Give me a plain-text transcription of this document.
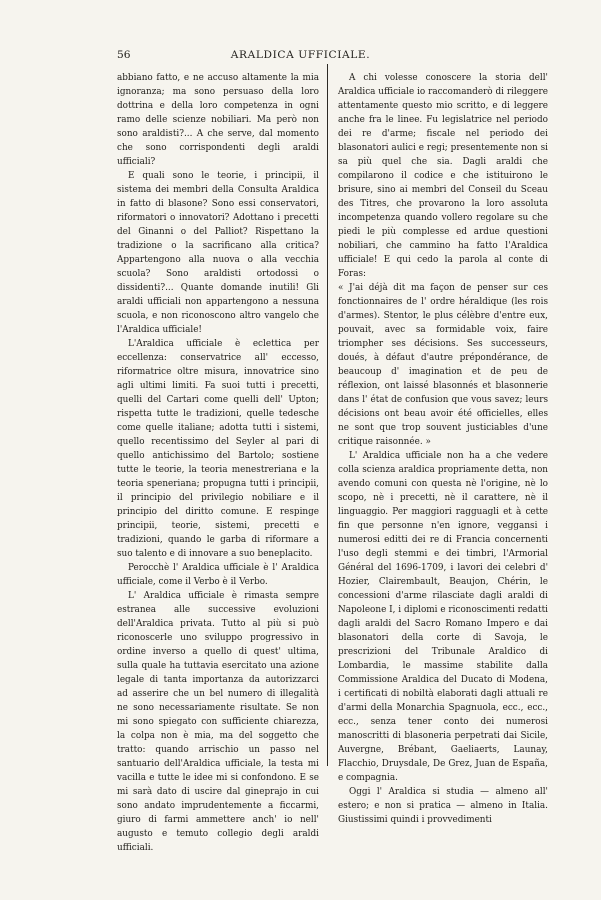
56	ARALDICA UFFICIALE.

abbiano fatto, e ne accuso altamente la mia ignoranza; ma sono persuaso della loro dottrina e della loro competenza in ogni ramo delle scienze nobiliari. Ma però non sono araldisti?... A che serve, dal momento che sono corrispondenti degli araldi ufficiali?

E quali sono le teorie, i principii, il sistema dei membri della Consulta Araldica in fatto di blasone? Sono essi conservatori, riformatori o innovatori? Adottano i precetti del Ginanni o del Palliot? Rispettano la tradizione o la sacrificano alla critica? Appartengono alla nuova o alla vecchia scuola? Sono araldisti ortodossi o dissidenti?... Quante domande inutili! Gli araldi ufficiali non appartengono a nessuna scuola, e non riconoscono altro vangelo che l'Araldica ufficiale!

L'Araldica ufficiale è eclettica per eccellenza: conservatrice all' eccesso, riformatrice oltre misura, innovatrice sino agli ultimi limiti. Fa suoi tutti i precetti, quelli del Cartari come quelli dell' Upton; rispetta tutte le tradizioni, quelle tedesche come quelle italiane; adotta tutti i sistemi, quello recentissimo del Seyler al pari di quello antichissimo del Bartolo; sostiene tutte le teorie, la teoria menestreriana e la teoria speneriana; propugna tutti i principii, il principio del privilegio nobiliare e il principio del diritto comune. E respinge principii, teorie, sistemi, precetti e tradizioni, quando le garba di riformare a suo talento e di innovare a suo beneplacito.

Perocchè l' Araldica ufficiale è l' Araldica ufficiale, come il Verbo è il Verbo.

L' Araldica ufficiale è rimasta sempre estranea alle successive evoluzioni dell'Araldica privata. Tutto al più si può riconoscerle uno sviluppo progressivo in ordine inverso a quello di quest' ultima, sulla quale ha tuttavia esercitato una azione legale di tanta importanza da autorizzarci ad asserire che un bel numero di illegalità ne sono necessariamente risultate. Se non mi sono spiegato con sufficiente chiarezza, la colpa non è mia, ma del soggetto che tratto: quando arrischio un passo nel santuario dell'Araldica ufficiale, la testa mi vacilla e tutte le idee mi si confondono. E se mi sarà dato di uscire dal gineprajo in cui sono andato imprudentemente a ficcarmi, giuro di farmi ammettere anch' io nell' augusto e temuto collegio degli araldi ufficiali.

A chi volesse conoscere la storia dell' Araldica ufficiale io raccomanderò di rileggere attentamente questo mio scritto, e di leggere anche fra le linee. Fu legislatrice nel periodo dei re d'arme; fiscale nel periodo dei blasonatori aulici e regi; presentemente non si sa più quel che sia. Dagli araldi che compilarono il codice e che istituirono le brisure, sino ai membri del Conseil du Sceau des Titres, che provarono la loro assoluta incompetenza quando vollero regolare su che piedi le più complesse ed ardue questioni nobiliari, che cammino ha fatto l'Araldica ufficiale! E qui cedo la parola al conte di Foras:

« J'ai déjà dit ma façon de penser sur ces fonctionnaires de l' ordre héraldique (les rois d'armes). Stentor, le plus célèbre d'entre eux, pouvait, avec sa formidable voix, faire triompher ses décisions. Ses successeurs, doués, à défaut d'autre prépondérance, de beaucoup d' imagination et de peu de réflexion, ont laissé blasonnés et blasonnerie dans l' état de confusion que vous savez; leurs décisions ont beau avoir été officielles, elles ne sont que trop souvent justiciables d'une critique raisonnée. »

L' Araldica ufficiale non ha a che vedere colla scienza araldica propriamente detta, non avendo comuni con questa nè l'origine, nè lo scopo, nè i precetti, nè il carattere, nè il linguaggio. Per maggiori ragguagli et à cette fin que personne n'en ignore, veggansi i numerosi editti dei re di Francia concernenti l'uso degli stemmi e dei timbri, l'Armorial Général del 1696-1709, i lavori dei celebri d' Hozier, Clairembault, Beaujon, Chérin, le concessioni d'arme rilasciate dagli araldi di Napoleone I, i diplomi e riconoscimenti redatti dagli araldi del Sacro Romano Impero e dai blasonatori della corte di Savoja, le prescrizioni del Tribunale Araldico di Lombardia, le massime stabilite dalla Commissione Araldica del Ducato di Modena, i certificati di nobiltà elaborati dagli attuali re d'armi della Monarchia Spagnuola, ecc., ecc., ecc., senza tener conto dei numerosi manoscritti di blasoneria perpetrati dai Sicile, Auvergne, Brébant, Gaeliaerts, Launay, Flacchio, Druysdale, De Grez, Juan de España, e compagnia.

Oggi l' Araldica si studia — almeno all' estero; e non si pratica — almeno in Italia. Giustissimi quindi i provvedimenti
